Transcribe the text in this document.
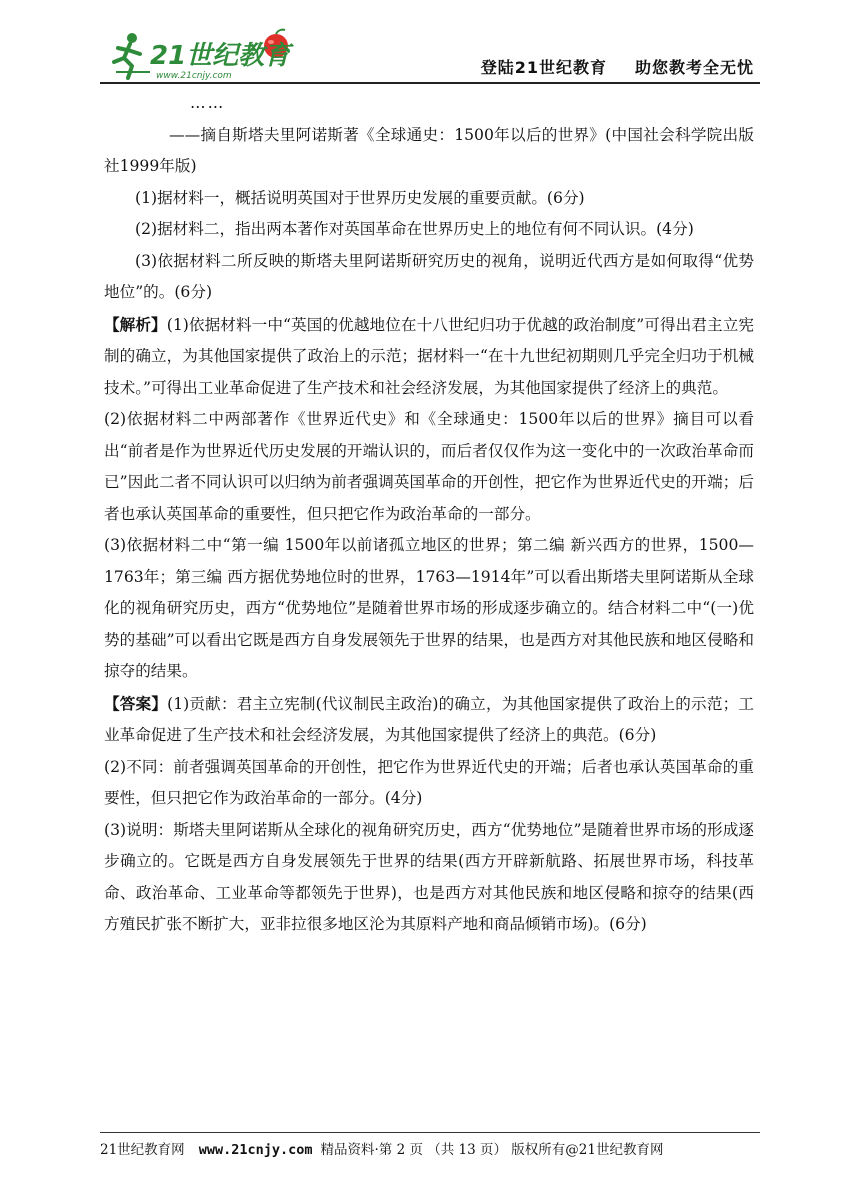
21世纪教育
www.21cnjy.com	登陆21世纪教育 助您教考全无忧

……

——摘自斯塔夫里阿诺斯著《全球通史：1500年以后的世界》(中国社会科学院出版社1999年版)

(1)据材料一，概括说明英国对于世界历史发展的重要贡献。(6分)

(2)据材料二，指出两本著作对英国革命在世界历史上的地位有何不同认识。(4分)

(3)依据材料二所反映的斯塔夫里阿诺斯研究历史的视角，说明近代西方是如何取得“优势地位”的。(6分)

【解析】(1)依据材料一中“英国的优越地位在十八世纪归功于优越的政治制度”可得出君主立宪制的确立，为其他国家提供了政治上的示范；据材料一“在十九世纪初期则几乎完全归功于机械技术。”可得出工业革命促进了生产技术和社会经济发展，为其他国家提供了经济上的典范。

(2)依据材料二中两部著作《世界近代史》和《全球通史：1500年以后的世界》摘目可以看出“前者是作为世界近代历史发展的开端认识的，而后者仅仅作为这一变化中的一次政治革命而已”因此二者不同认识可以归纳为前者强调英国革命的开创性，把它作为世界近代史的开端；后者也承认英国革命的重要性，但只把它作为政治革命的一部分。

(3)依据材料二中“第一编 1500年以前诸孤立地区的世界；第二编 新兴西方的世界，1500—1763年；第三编 西方据优势地位时的世界，1763—1914年”可以看出斯塔夫里阿诺斯从全球化的视角研究历史，西方“优势地位”是随着世界市场的形成逐步确立的。结合材料二中“(一)优势的基础”可以看出它既是西方自身发展领先于世界的结果，也是西方对其他民族和地区侵略和掠夺的结果。

【答案】(1)贡献：君主立宪制(代议制民主政治)的确立，为其他国家提供了政治上的示范；工业革命促进了生产技术和社会经济发展，为其他国家提供了经济上的典范。(6分)

(2)不同：前者强调英国革命的开创性，把它作为世界近代史的开端；后者也承认英国革命的重要性，但只把它作为政治革命的一部分。(4分)

(3)说明：斯塔夫里阿诺斯从全球化的视角研究历史，西方“优势地位”是随着世界市场的形成逐步确立的。它既是西方自身发展领先于世界的结果(西方开辟新航路、拓展世界市场，科技革命、政治革命、工业革命等都领先于世界)，也是西方对其他民族和地区侵略和掠夺的结果(西方殖民扩张不断扩大，亚非拉很多地区沦为其原料产地和商品倾销市场)。(6分)

21世纪教育网 www.21cnjy.com 精品资料·第 2 页 （共 13 页） 版权所有@21世纪教育网
